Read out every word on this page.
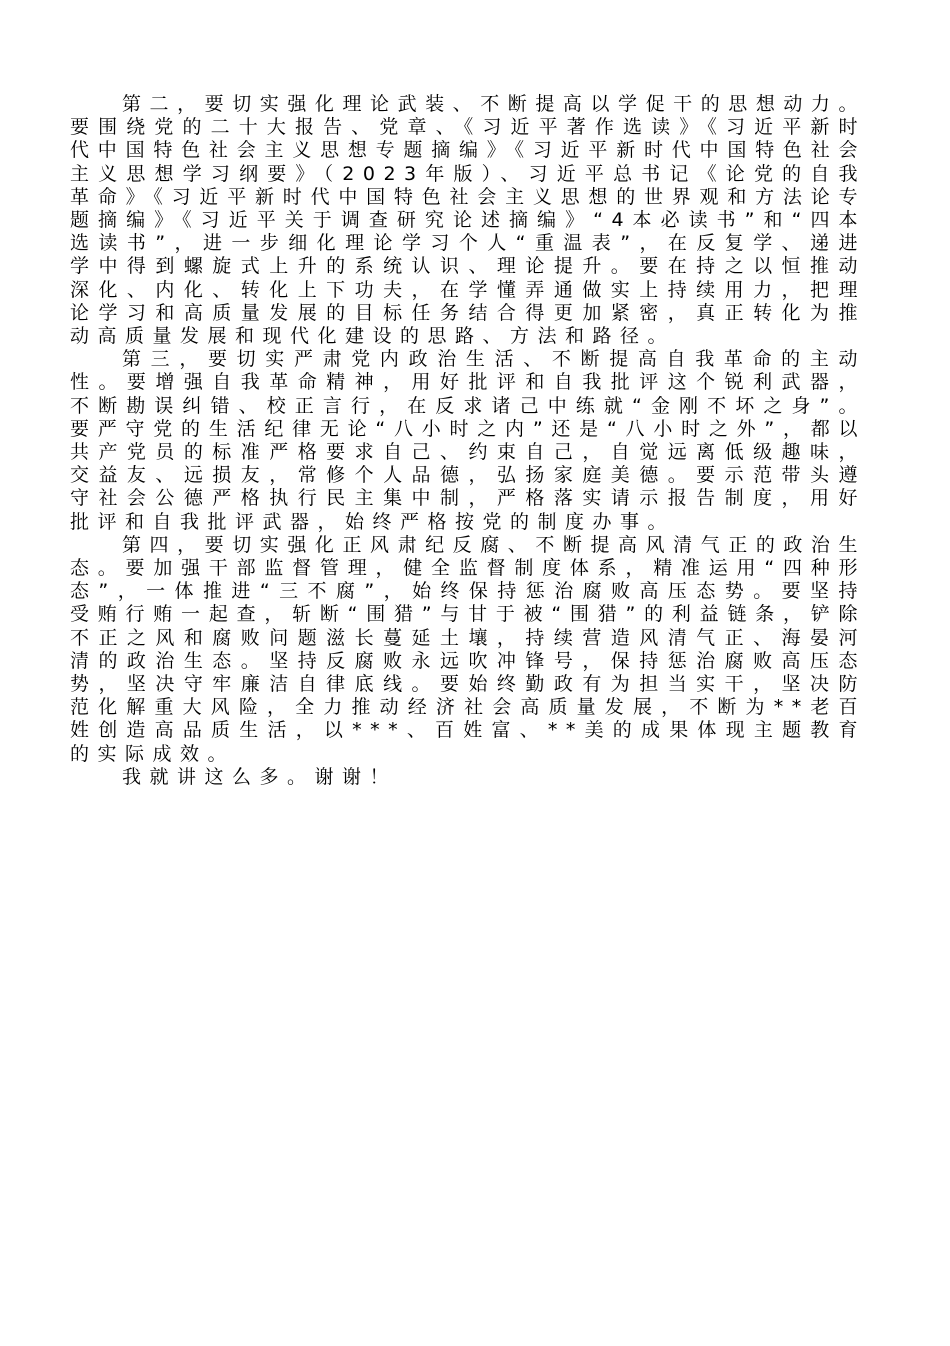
第二，要切实强化理论武装、不断提高以学促干的思想动力。要围绕党的二十大报告、党章、《习近平著作选读》《习近平新时代中国特色社会主义思想专题摘编》《习近平新时代中国特色社会主义思想学习纲要》（2023年版）、习近平总书记《论党的自我革命》《习近平新时代中国特色社会主义思想的世界观和方法论专题摘编》《习近平关于调查研究论述摘编》“4本必读书”和“四本选读书”，进一步细化理论学习个人“重温表”，在反复学、递进学中得到螺旋式上升的系统认识、理论提升。要在持之以恒推动深化、内化、转化上下功夫，在学懂弄通做实上持续用力，把理论学习和高质量发展的目标任务结合得更加紧密，真正转化为推动高质量发展和现代化建设的思路、方法和路径。

第三，要切实严肃党内政治生活、不断提高自我革命的主动性。要增强自我革命精神，用好批评和自我批评这个锐利武器，不断勘误纠错、校正言行，在反求诸己中练就“金刚不坏之身”。要严守党的生活纪律无论“八小时之内”还是“八小时之外”，都以共产党员的标准严格要求自己、约束自己，自觉远离低级趣味，交益友、远损友，常修个人品德，弘扬家庭美德。要示范带头遵守社会公德严格执行民主集中制，严格落实请示报告制度，用好批评和自我批评武器，始终严格按党的制度办事。

第四，要切实强化正风肃纪反腐、不断提高风清气正的政治生态。要加强干部监督管理，健全监督制度体系，精准运用“四种形态”，一体推进“三不腐”，始终保持惩治腐败高压态势。要坚持受贿行贿一起查，斩断“围猎”与甘于被“围猎”的利益链条，铲除不正之风和腐败问题滋长蔓延土壤，持续营造风清气正、海晏河清的政治生态。坚持反腐败永远吹冲锋号，保持惩治腐败高压态势，坚决守牢廉洁自律底线。要始终勤政有为担当实干，坚决防范化解重大风险，全力推动经济社会高质量发展，不断为**老百姓创造高品质生活，以***、百姓富、**美的成果体现主题教育的实际成效。

我就讲这么多。谢谢！
